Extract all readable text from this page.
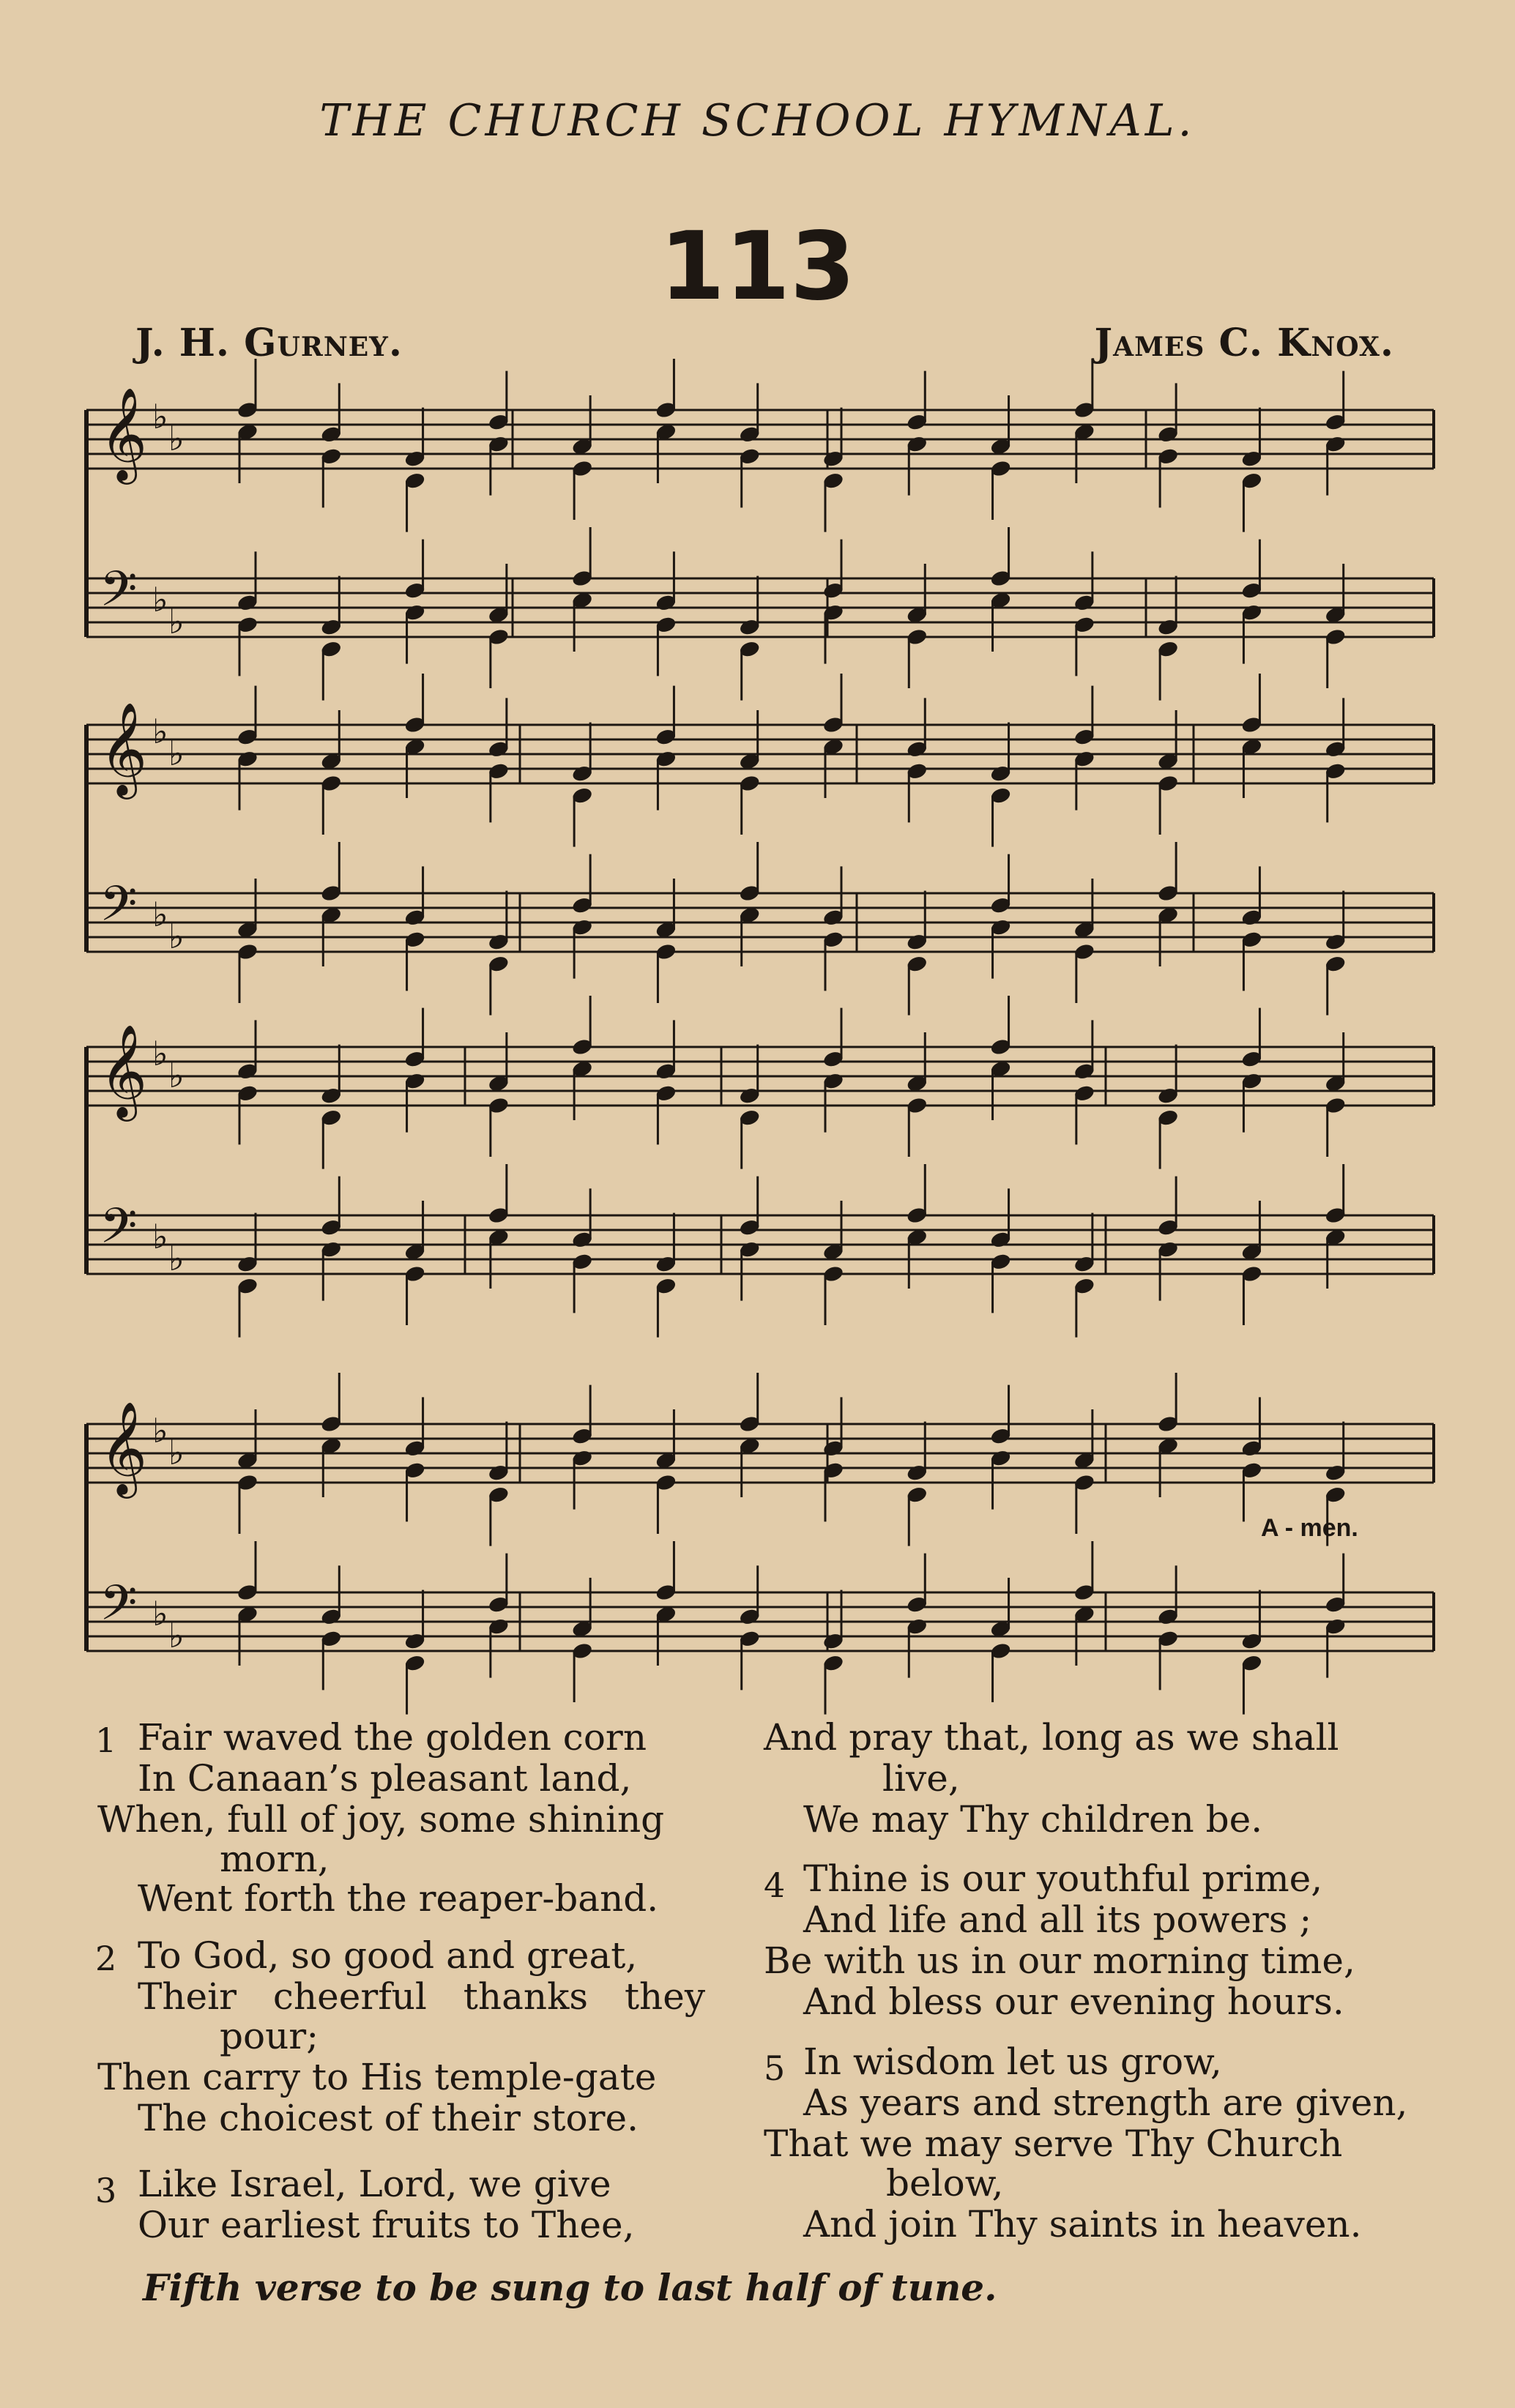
THE CHURCH SCHOOL HYMNAL.
113
J. H. Gurney.	James C. Knox.
𝄞 ♭
♭
𝄢 ♭
♭
𝄞 ♭
♭
𝄢 ♭
♭
𝄞 ♭
♭
𝄢 ♭
♭
𝄞 ♭
♭
𝄢 ♭
♭
A - men.
1 Fair waved the golden corn
In Canaan’s pleasant land,
When, full of joy, some shining
morn,
Went forth the reaper-band.
2 To God, so good and great,
Their cheerful thanks they
pour;
Then carry to His temple-gate
The choicest of their store.
3 Like Israel, Lord, we give
Our earliest fruits to Thee,
And pray that, long as we shall
live,
We may Thy children be.
4 Thine is our youthful prime,
And life and all its powers ;
Be with us in our morning time,
And bless our evening hours.
5 In wisdom let us grow,
As years and strength are given,
That we may serve Thy Church
below,
And join Thy saints in heaven.
Fifth verse to be sung to last half of tune.
